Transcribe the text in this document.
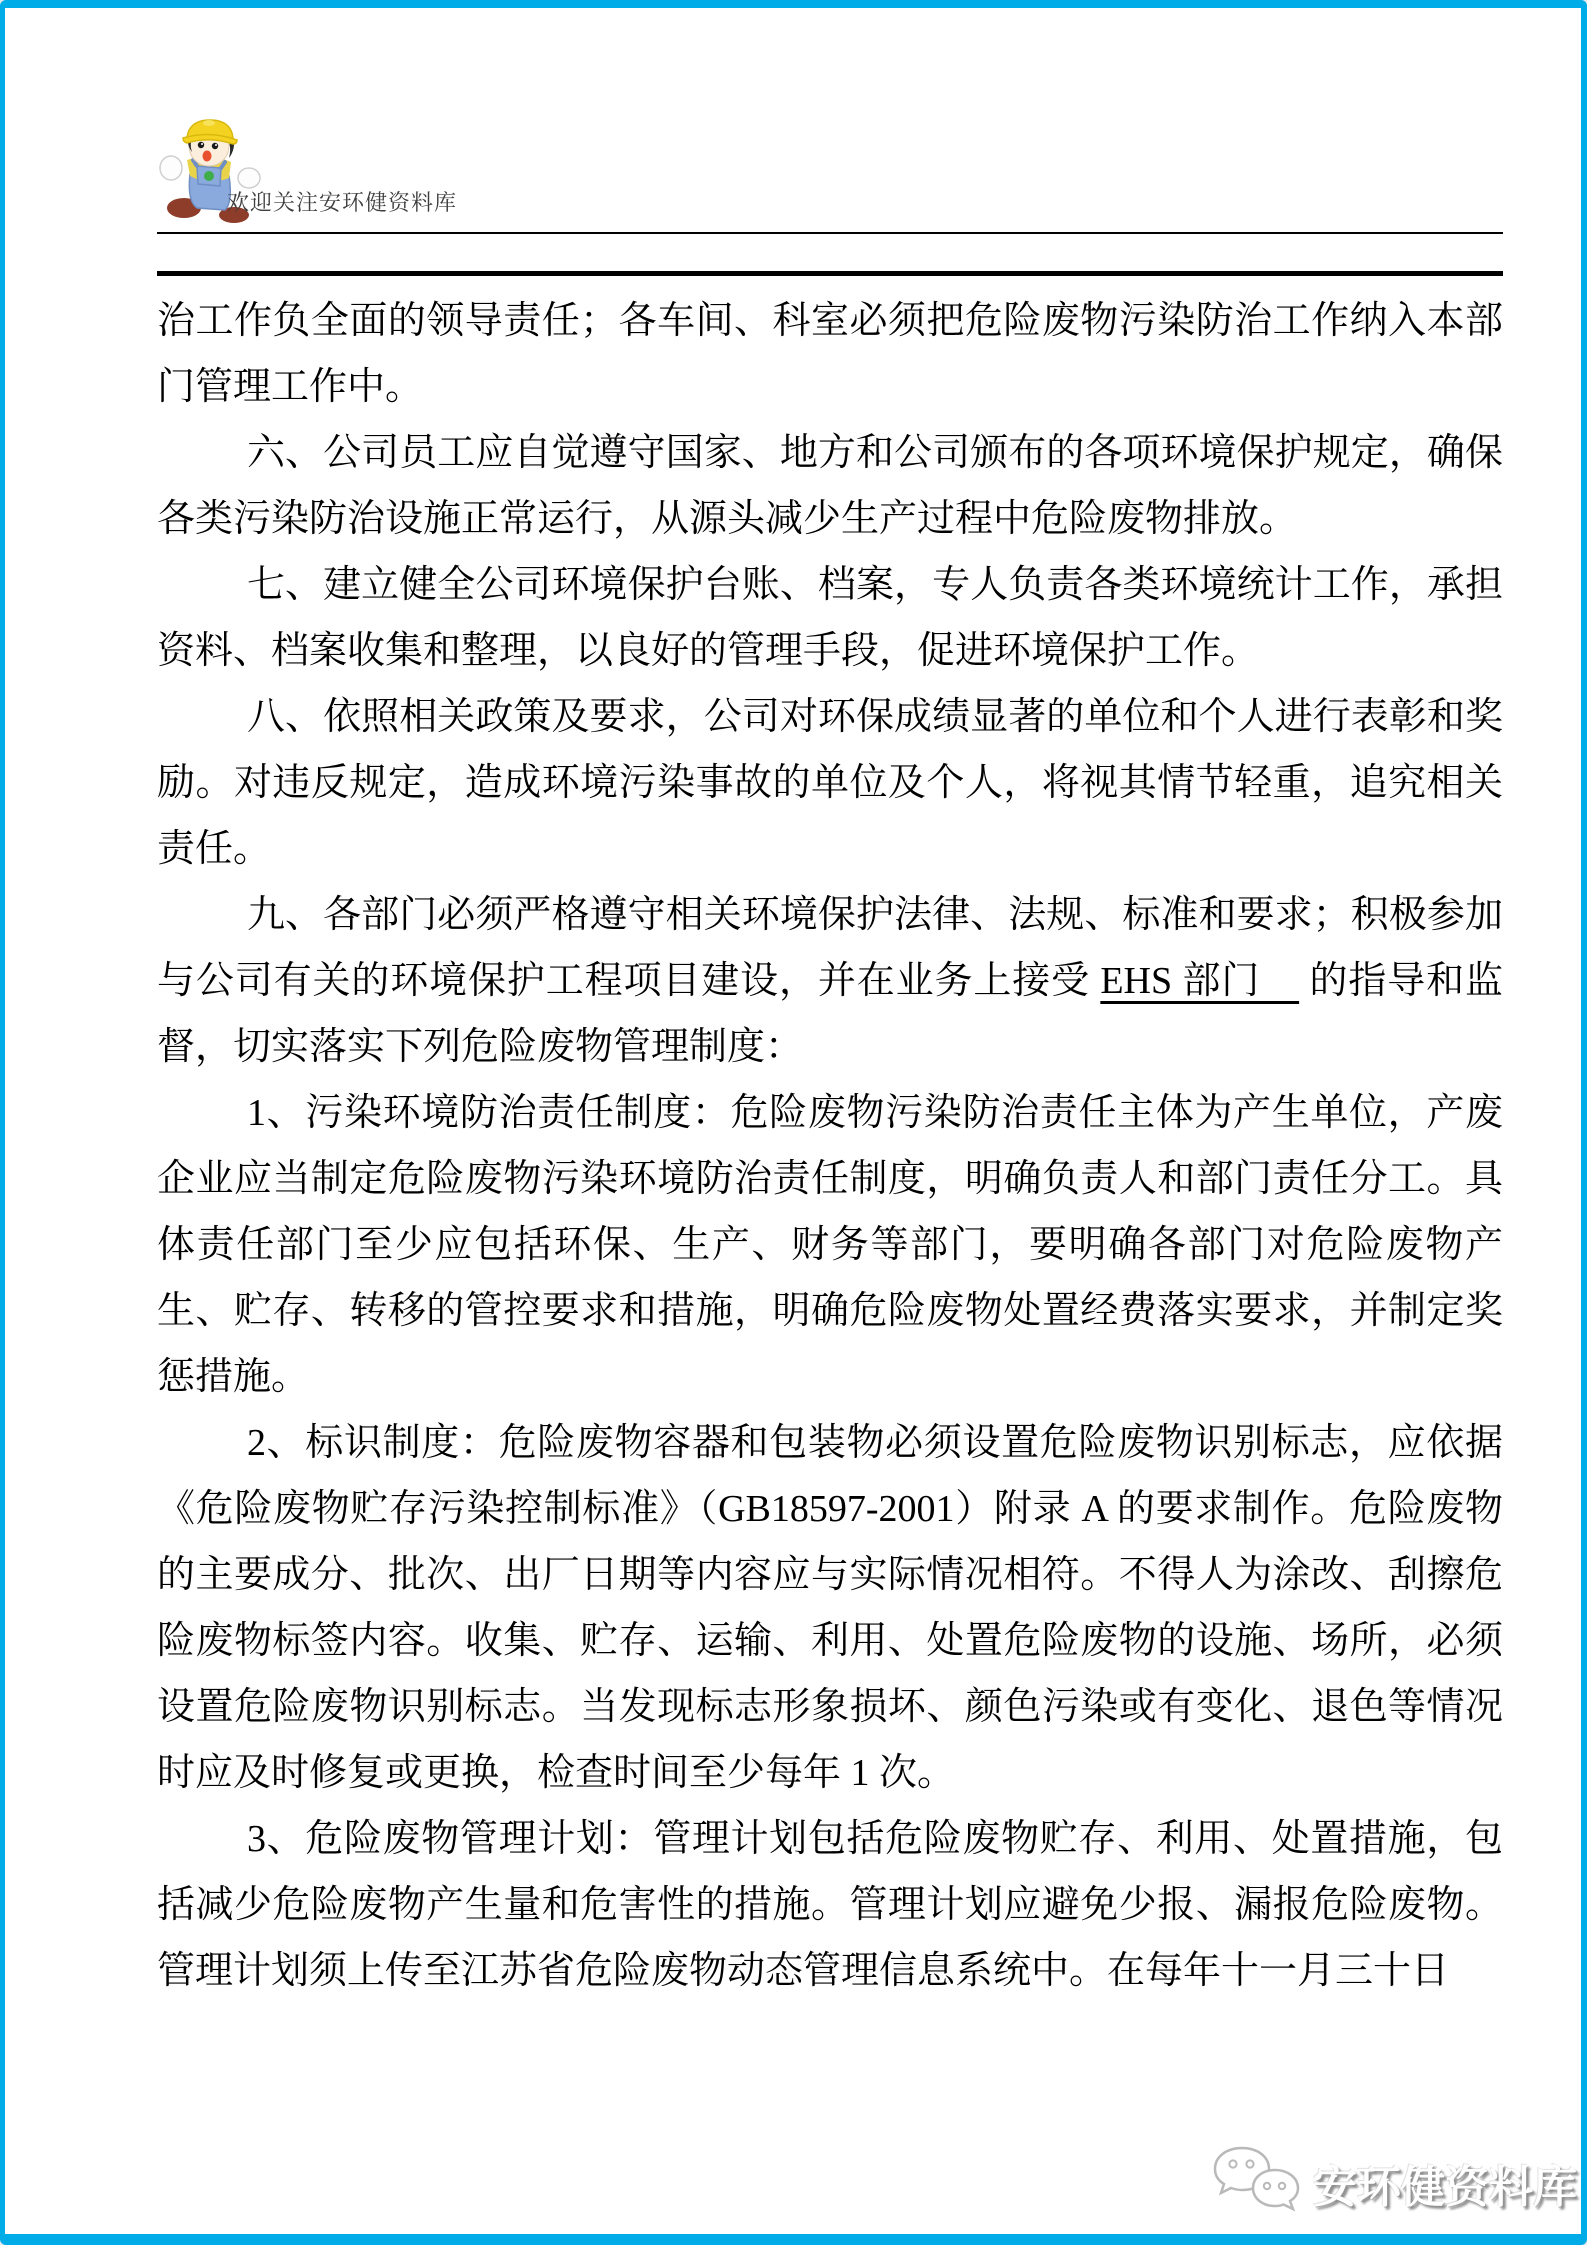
欢迎关注安环健资料库

治工作负全面的领导责任；各车间、科室必须把危险废物污染防治工作纳入本部门管理工作中。

六、公司员工应自觉遵守国家、地方和公司颁布的各项环境保护规定，确保各类污染防治设施正常运行，从源头减少生产过程中危险废物排放。

七、建立健全公司环境保护台账、档案，专人负责各类环境统计工作，承担资料、档案收集和整理，以良好的管理手段，促进环境保护工作。

八、依照相关政策及要求，公司对环保成绩显著的单位和个人进行表彰和奖励。对违反规定，造成环境污染事故的单位及个人，将视其情节轻重，追究相关责任。

九、各部门必须严格遵守相关环境保护法律、法规、标准和要求；积极参加与公司有关的环境保护工程项目建设，并在业务上接受 EHS 部门　 的指导和监督，切实落实下列危险废物管理制度：

1、污染环境防治责任制度：危险废物污染防治责任主体为产生单位，产废企业应当制定危险废物污染环境防治责任制度，明确负责人和部门责任分工。具体责任部门至少应包括环保、生产、财务等部门，要明确各部门对危险废物产生、贮存、转移的管控要求和措施，明确危险废物处置经费落实要求，并制定奖惩措施。

2、标识制度：危险废物容器和包装物必须设置危险废物识别标志，应依据《危险废物贮存污染控制标准》（GB18597-2001）附录 A 的要求制作。危险废物的主要成分、批次、出厂日期等内容应与实际情况相符。不得人为涂改、刮擦危险废物标签内容。收集、贮存、运输、利用、处置危险废物的设施、场所，必须设置危险废物识别标志。当发现标志形象损坏、颜色污染或有变化、退色等情况时应及时修复或更换，检查时间至少每年 1 次。

3、危险废物管理计划：管理计划包括危险废物贮存、利用、处置措施，包括减少危险废物产生量和危害性的措施。管理计划应避免少报、漏报危险废物。管理计划须上传至江苏省危险废物动态管理信息系统中。在每年十一月三十日

安环健资料库
